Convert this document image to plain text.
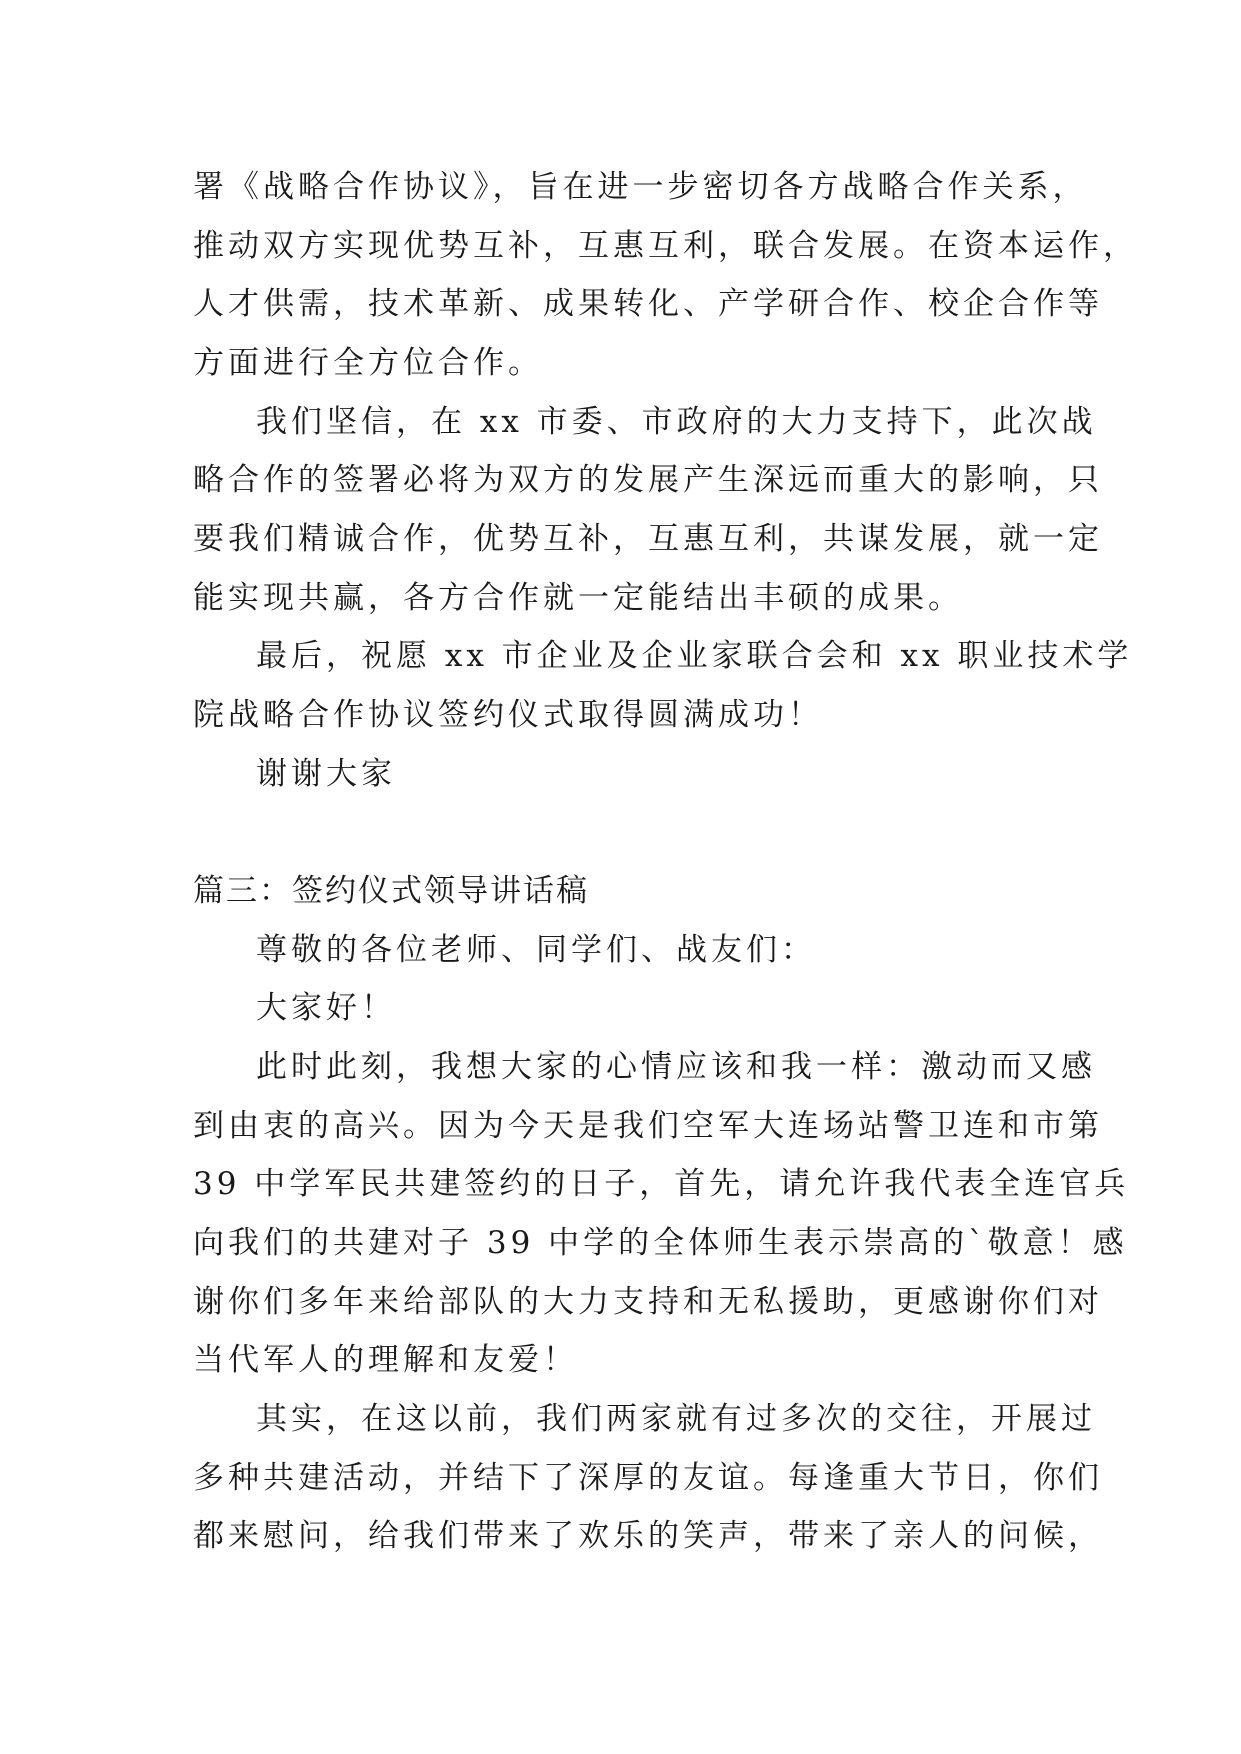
署《战略合作协议》，旨在进一步密切各方战略合作关系，
推动双方实现优势互补，互惠互利，联合发展。在资本运作，
人才供需，技术革新、成果转化、产学研合作、校企合作等
方面进行全方位合作。
我们坚信，在 xx 市委、市政府的大力支持下，此次战
略合作的签署必将为双方的发展产生深远而重大的影响，只
要我们精诚合作，优势互补，互惠互利，共谋发展，就一定
能实现共赢，各方合作就一定能结出丰硕的成果。
最后，祝愿 xx 市企业及企业家联合会和 xx 职业技术学
院战略合作协议签约仪式取得圆满成功！
谢谢大家
篇三：签约仪式领导讲话稿
尊敬的各位老师、同学们、战友们：
大家好！
此时此刻，我想大家的心情应该和我一样：激动而又感
到由衷的高兴。因为今天是我们空军大连场站警卫连和市第
39 中学军民共建签约的日子，首先，请允许我代表全连官兵
向我们的共建对子 39 中学的全体师生表示崇高的`敬意！感
谢你们多年来给部队的大力支持和无私援助，更感谢你们对
当代军人的理解和友爱！
其实，在这以前，我们两家就有过多次的交往，开展过
多种共建活动，并结下了深厚的友谊。每逢重大节日，你们
都来慰问，给我们带来了欢乐的笑声，带来了亲人的问候，
